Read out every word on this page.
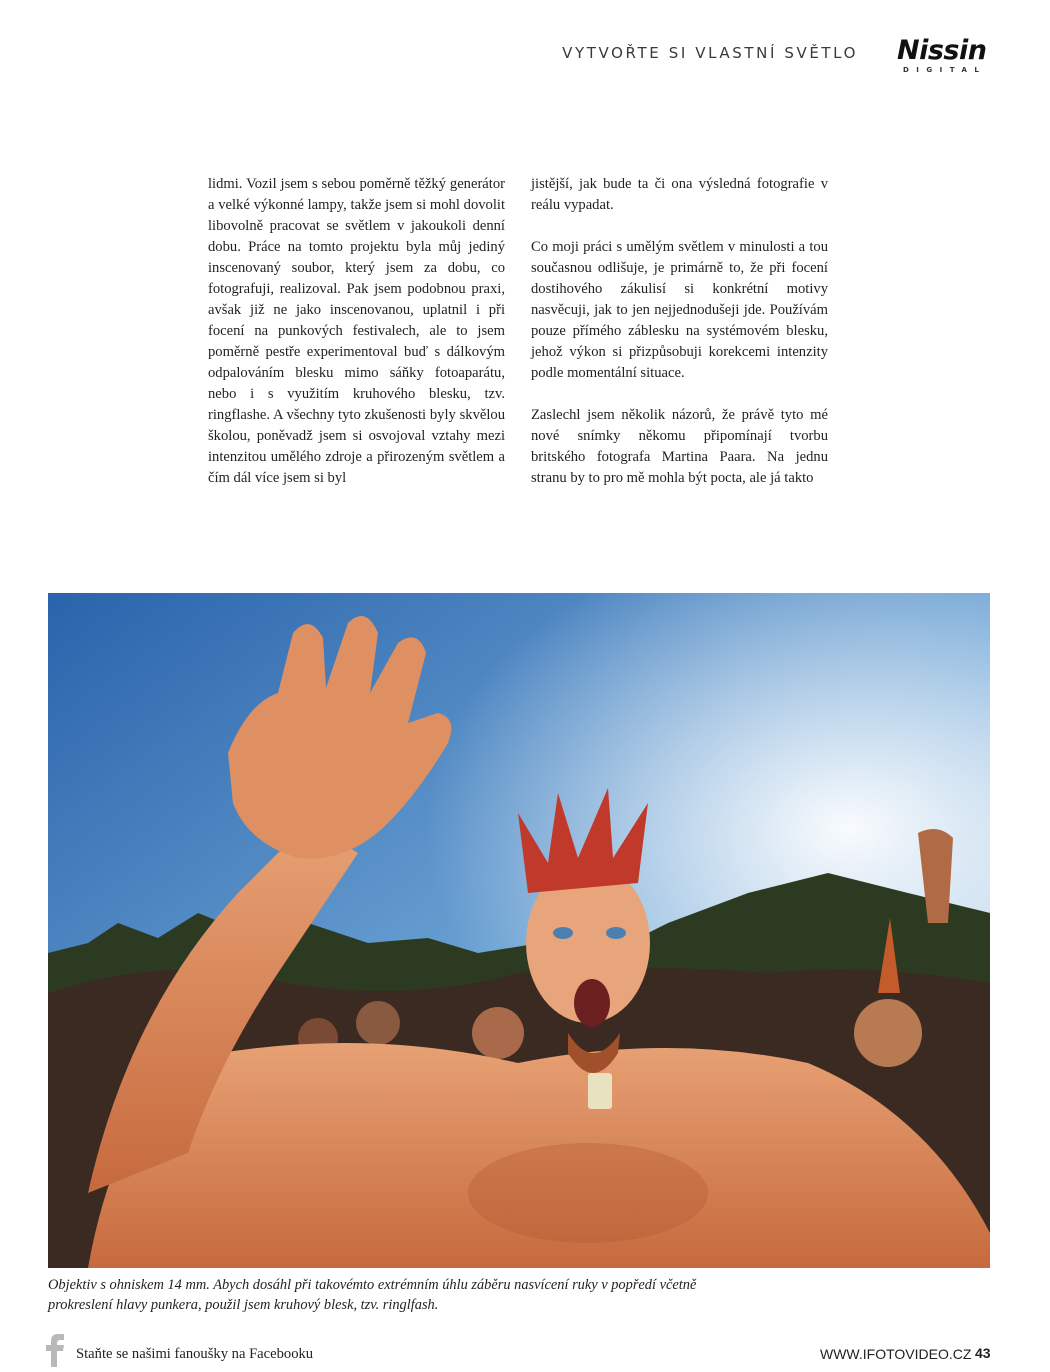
VYTVOŘTE SI VLASTNÍ SVĚTLO Nissin
DIGITAL

lidmi. Vozil jsem s sebou poměrně těžký generátor a velké výkonné lampy, takže jsem si mohl dovolit libovolně pracovat se světlem v jakoukoli denní dobu. Práce na tomto projektu byla můj jediný inscenovaný soubor, který jsem za dobu, co fotografuji, realizoval. Pak jsem podobnou praxi, avšak již ne jako inscenovanou, uplatnil i při focení na punkových festivalech, ale to jsem poměrně pestře experimentoval buď s dálkovým odpalováním blesku mimo sáňky fotoaparátu, nebo i s využitím kruhového blesku, tzv. ringflashe. A všechny tyto zkušenosti byly skvělou školou, poněvadž jsem si osvojoval vztahy mezi intenzitou umělého zdroje a přirozeným světlem a čím dál více jsem si byl

jistější, jak bude ta či ona výsledná fotografie v reálu vypadat.

Co moji práci s umělým světlem v minulosti a tou současnou odlišuje, je primárně to, že při focení dostihového zákulisí si konkrétní motivy nasvěcuji, jak to jen nejjednodušeji jde. Používám pouze přímého záblesku na systémovém blesku, jehož výkon si přizpůsobuji korekcemi intenzity podle momentální situace.

Zaslechl jsem několik názorů, že právě tyto mé nové snímky někomu připomínají tvorbu britského fotografa Martina Paara. Na jednu stranu by to pro mě mohla být pocta, ale já takto

Objektiv s ohniskem 14 mm. Abych dosáhl při takovémto extrémním úhlu záběru nasvícení ruky v popředí včetně prokreslení hlavy punkera, použil jsem kruhový blesk, tzv. ringlfash.
Staňte se našimi fanoušky na Facebooku	WWW.IFOTOVIDEO.CZ 43
